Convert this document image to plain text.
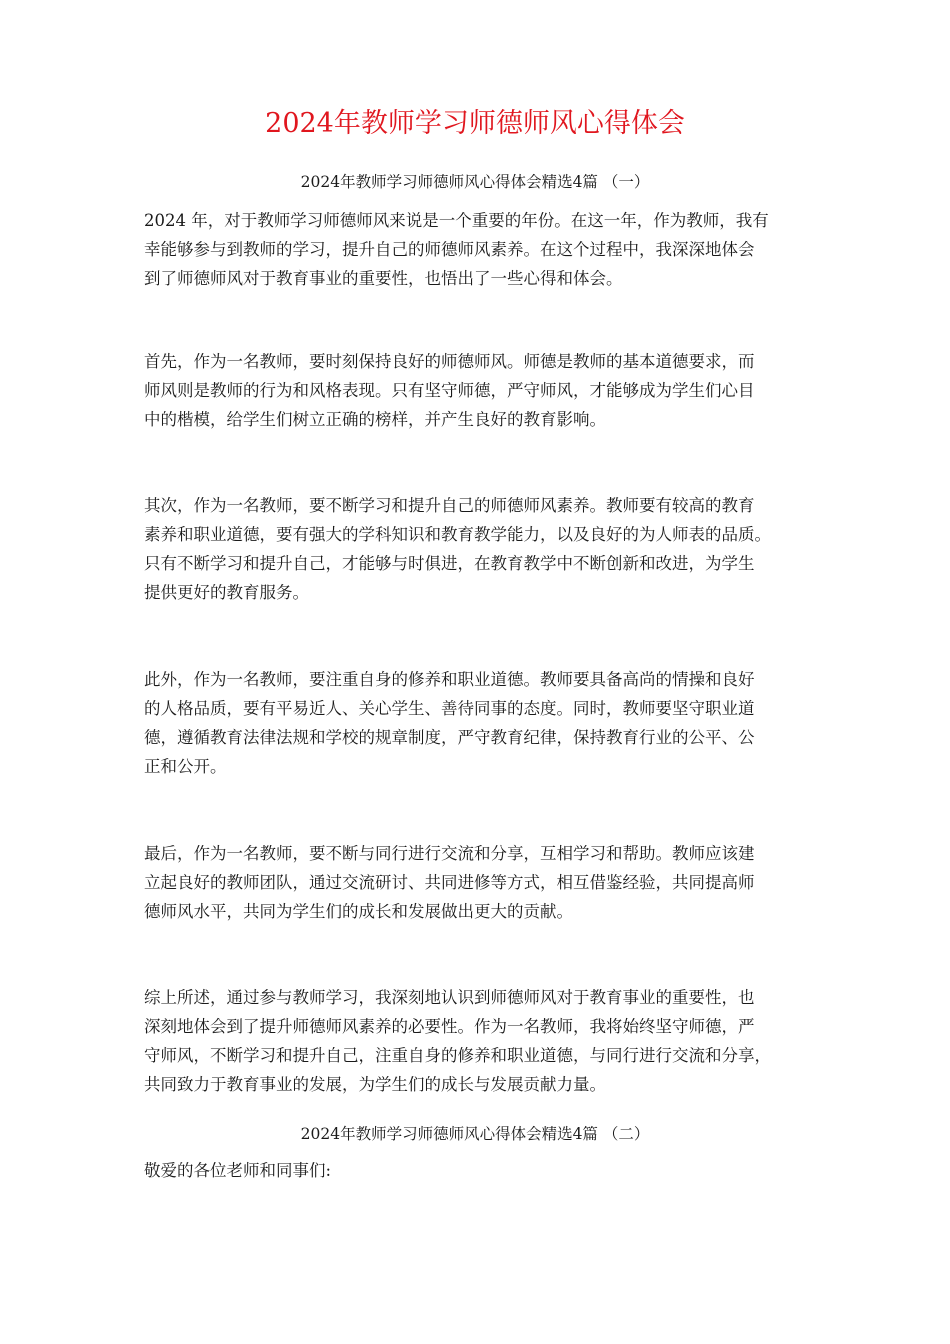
2024年教师学习师德师风心得体会
2024年教师学习师德师风心得体会精选4篇 （一）
2024 年，对于教师学习师德师风来说是一个重要的年份。在这一年，作为教师，我有
幸能够参与到教师的学习，提升自己的师德师风素养。在这个过程中，我深深地体会
到了师德师风对于教育事业的重要性，也悟出了一些心得和体会。
首先，作为一名教师，要时刻保持良好的师德师风。师德是教师的基本道德要求，而
师风则是教师的行为和风格表现。只有坚守师德，严守师风，才能够成为学生们心目
中的楷模，给学生们树立正确的榜样，并产生良好的教育影响。
其次，作为一名教师，要不断学习和提升自己的师德师风素养。教师要有较高的教育
素养和职业道德，要有强大的学科知识和教育教学能力，以及良好的为人师表的品质。
只有不断学习和提升自己，才能够与时俱进，在教育教学中不断创新和改进，为学生
提供更好的教育服务。
此外，作为一名教师，要注重自身的修养和职业道德。教师要具备高尚的情操和良好
的人格品质，要有平易近人、关心学生、善待同事的态度。同时，教师要坚守职业道
德，遵循教育法律法规和学校的规章制度，严守教育纪律，保持教育行业的公平、公
正和公开。
最后，作为一名教师，要不断与同行进行交流和分享，互相学习和帮助。教师应该建
立起良好的教师团队，通过交流研讨、共同进修等方式，相互借鉴经验，共同提高师
德师风水平，共同为学生们的成长和发展做出更大的贡献。
综上所述，通过参与教师学习，我深刻地认识到师德师风对于教育事业的重要性，也
深刻地体会到了提升师德师风素养的必要性。作为一名教师，我将始终坚守师德，严
守师风，不断学习和提升自己，注重自身的修养和职业道德，与同行进行交流和分享，
共同致力于教育事业的发展，为学生们的成长与发展贡献力量。
2024年教师学习师德师风心得体会精选4篇 （二）
敬爱的各位老师和同事们:
